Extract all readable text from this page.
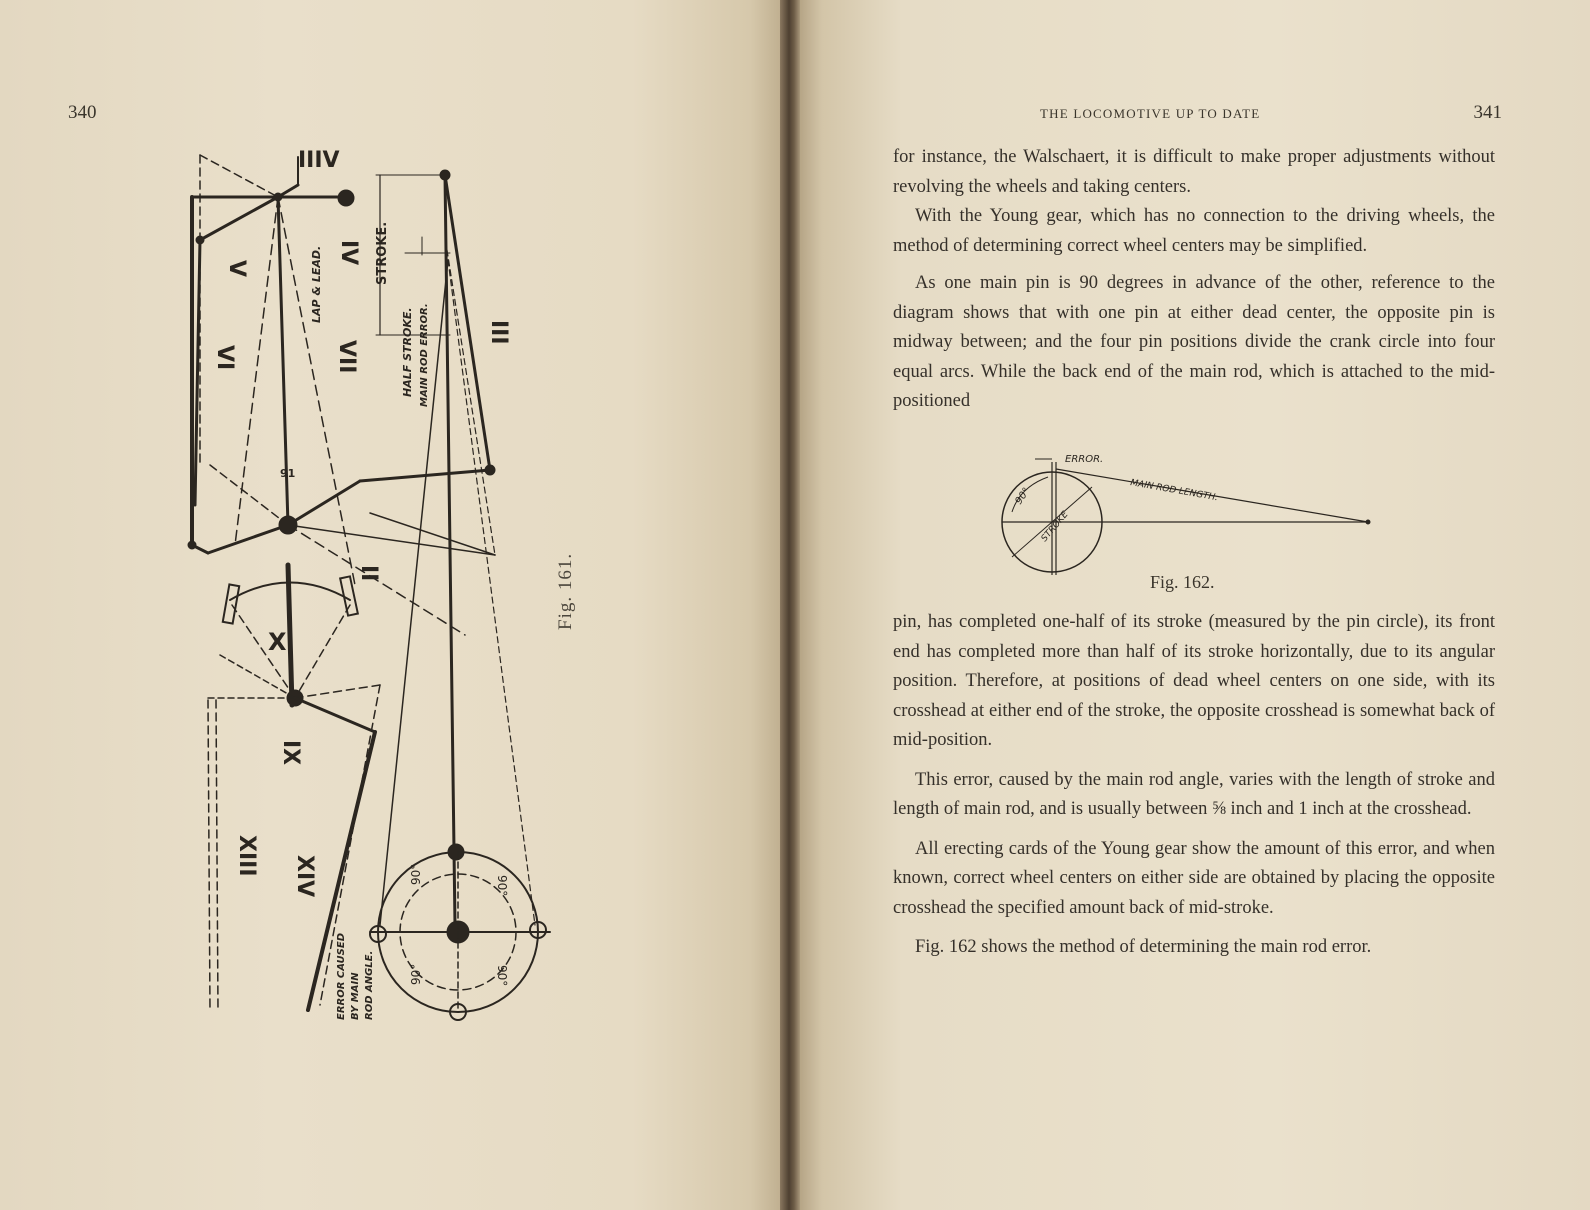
340
IIIV
V
IV
VI	VII
LAP & LEAD.	STROKE.
HALF STROKE. MAIN ROD ERROR.	III
91
II
X
IX
XIII XIV
ERROR CAUSED BY MAIN ROD ANGLE.
90°
90°
90°	90°
Fig. 161.
THE LOCOMOTIVE UP TO DATE	341

for instance, the Walschaert, it is difficult to make proper adjustments without revolving the wheels and taking centers.

With the Young gear, which has no connection to the driving wheels, the method of determining correct wheel centers may be simplified.

As one main pin is 90 degrees in advance of the other, reference to the diagram shows that with one pin at either dead center, the opposite pin is midway between; and the four pin positions divide the crank circle into four equal arcs. While the back end of the main rod, which is attached to the mid-positioned

ERROR.
MAIN ROD LENGTH.
STROKE
90°
Fig. 162.

pin, has completed one-half of its stroke (measured by the pin circle), its front end has completed more than half of its stroke horizontally, due to its angular position. Therefore, at positions of dead wheel centers on one side, with its crosshead at either end of the stroke, the opposite crosshead is somewhat back of mid-position.

This error, caused by the main rod angle, varies with the length of stroke and length of main rod, and is usually between ⅝ inch and 1 inch at the crosshead.

All erecting cards of the Young gear show the amount of this error, and when known, correct wheel centers on either side are obtained by placing the opposite crosshead the specified amount back of mid-stroke.

Fig. 162 shows the method of determining the main rod error.
